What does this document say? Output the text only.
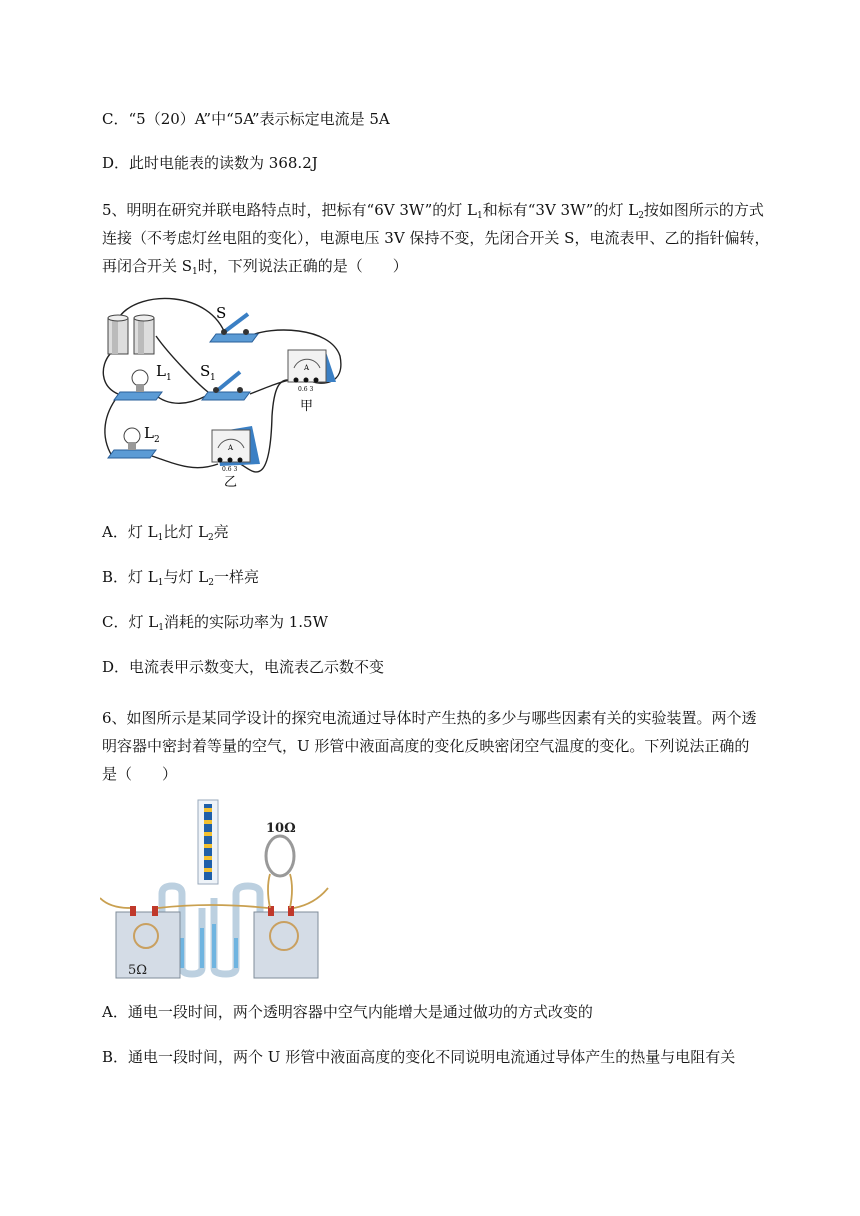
C．“5（20）A”中“5A”表示标定电流是 5A
D．此时电能表的读数为 368.2J
5、明明在研究并联电路特点时，把标有“6V 3W”的灯 $L_1$和标有“3V 3W”的灯 $L_2$按如图所示的方式
连接（不考虑灯丝电阻的变化），电源电压 3V 保持不变，先闭合开关 S，电流表甲、乙的指针偏转，
再闭合开关 $S_1$时，下列说法正确的是（　　）
S
S 1
L 1
L 2
A
0.6 3
甲
A
0.6 3
乙
A．灯 $L_1$比灯 $L_2$亮
B．灯 $L_1$与灯 $L_2$一样亮
C．灯 $L_1$消耗的实际功率为 1.5W
D．电流表甲示数变大，电流表乙示数不变
6、如图所示是某同学设计的探究电流通过导体时产生热的多少与哪些因素有关的实验装置。两个透明容器中密封着等量的空气，U 形管中液面高度的变化反映密闭空气温度的变化。下列说法正确的是（　　）
5Ω
10Ω
A．通电一段时间，两个透明容器中空气内能增大是通过做功的方式改变的
B．通电一段时间，两个 U 形管中液面高度的变化不同说明电流通过导体产生的热量与电阻有关
